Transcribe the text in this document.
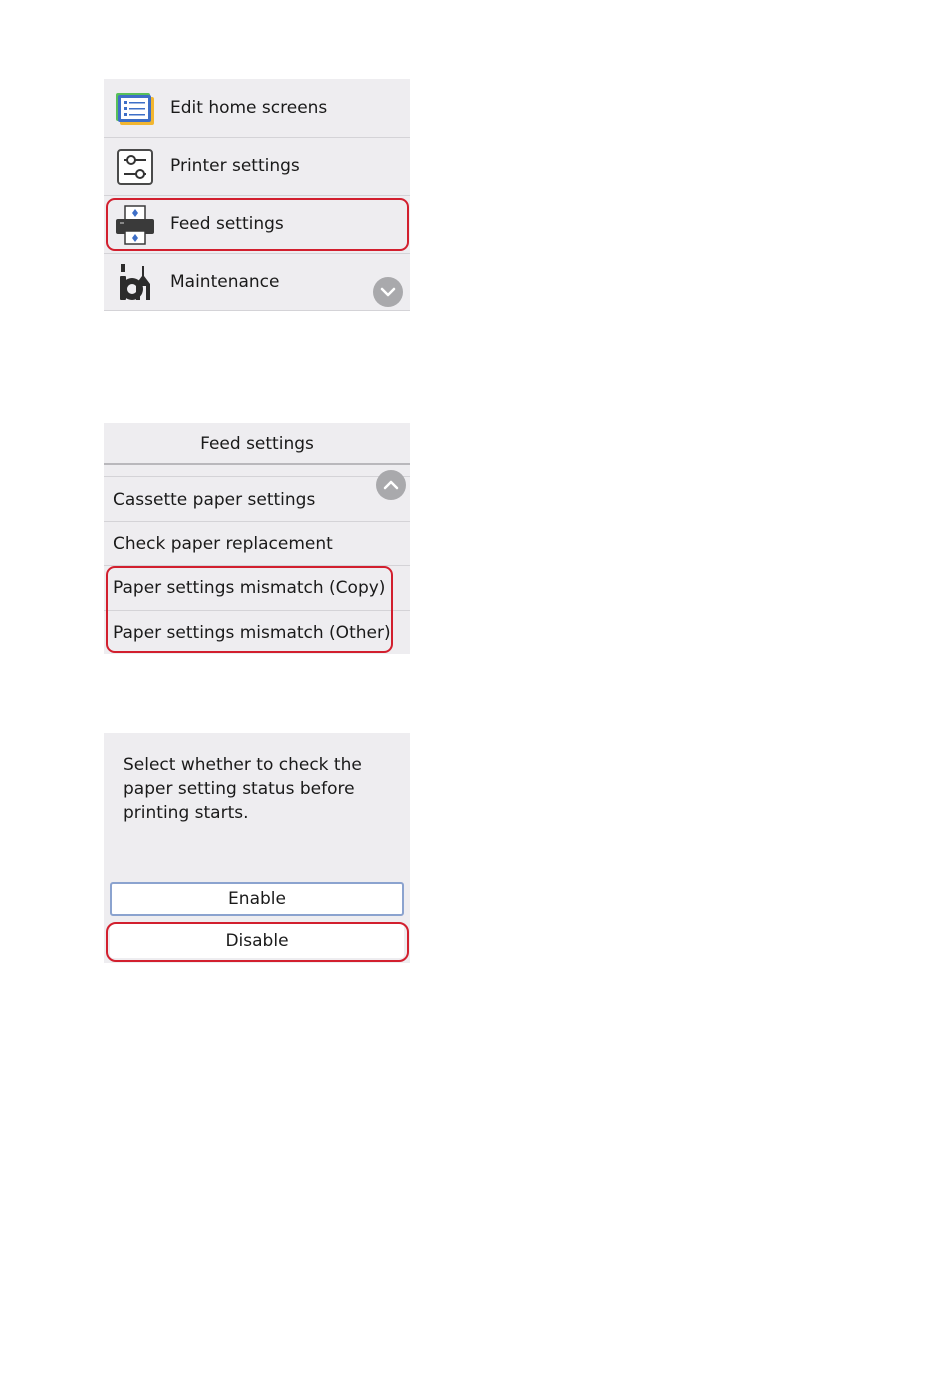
Edit home screens
Printer settings
Feed settings
Maintenance
Feed settings
Cassette paper settings
Check paper replacement
Paper settings mismatch (Copy)
Paper settings mismatch (Other)
Select whether to check the
paper setting status before
printing starts.
Enable
Disable
